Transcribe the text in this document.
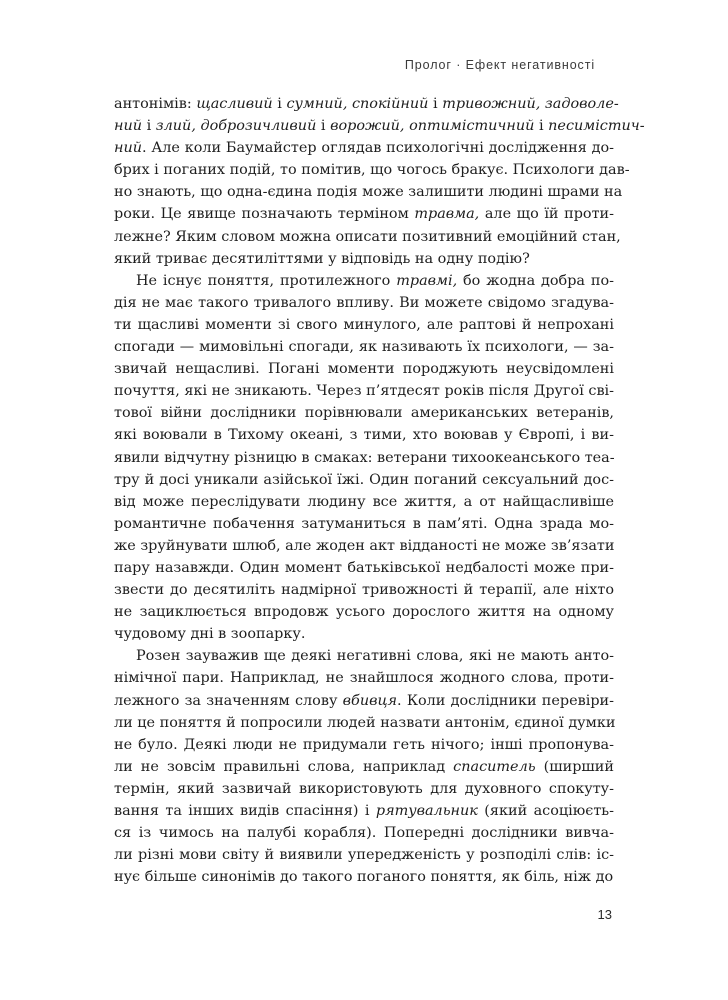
Пролог · Ефект негативності
антонімів: щасливий і сумний, спокійний і тривожний, задоволе-
ний і злий, доброзичливий і ворожий, оптимістичний і песимістич-
ний. Але коли Баумайстер оглядав психологічні дослідження до-
брих і поганих подій, то помітив, що чогось бракує. Психологи дав-
но знають, що одна-єдина подія може залишити людині шрами на
роки. Це явище позначають терміном травма, але що їй проти-
лежне? Яким словом можна описати позитивний емоційний стан,
який триває десятиліттями у відповідь на одну подію?
Не існує поняття, протилежного травмі, бо жодна добра по-
дія не має такого тривалого впливу. Ви можете свідомо згадува-
ти щасливі моменти зі свого минулого, але раптові й непрохані
спогади — мимовільні спогади, як називають їх психологи, — за-
звичай нещасливі. Погані моменти породжують неусвідомлені
почуття, які не зникають. Через п’ятдесят років після Другої сві-
тової війни дослідники порівнювали американських ветеранів,
які воювали в Тихому океані, з тими, хто воював у Європі, і ви-
явили відчутну різницю в смаках: ветерани тихоокеанського теа-
тру й досі уникали азійської їжі. Один поганий сексуальний дос-
від може переслідувати людину все життя, а от найщасливіше
романтичне побачення затуманиться в пам’яті. Одна зрада мо-
же зруйнувати шлюб, але жоден акт відданості не може зв’язати
пару назавжди. Один момент батьківської недбалості може при-
звести до десятиліть надмірної тривожності й терапії, але ніхто
не зациклюється впродовж усього дорослого життя на одному
чудовому дні в зоопарку.
Розен зауважив ще деякі негативні слова, які не мають анто-
німічної пари. Наприклад, не знайшлося жодного слова, проти-
лежного за значенням слову вбивця. Коли дослідники перевіри-
ли це поняття й попросили людей назвати антонім, єдиної думки
не було. Деякі люди не придумали геть нічого; інші пропонува-
ли не зовсім правильні слова, наприклад спаситель (ширший
термін, який зазвичай використовують для духовного спокуту-
вання та інших видів спасіння) і рятувальник (який асоціюєть-
ся із чимось на палубі корабля). Попередні дослідники вивча-
ли різні мови світу й виявили упередженість у розподілі слів: іс-
нує більше синонімів до такого поганого поняття, як біль, ніж до
13
